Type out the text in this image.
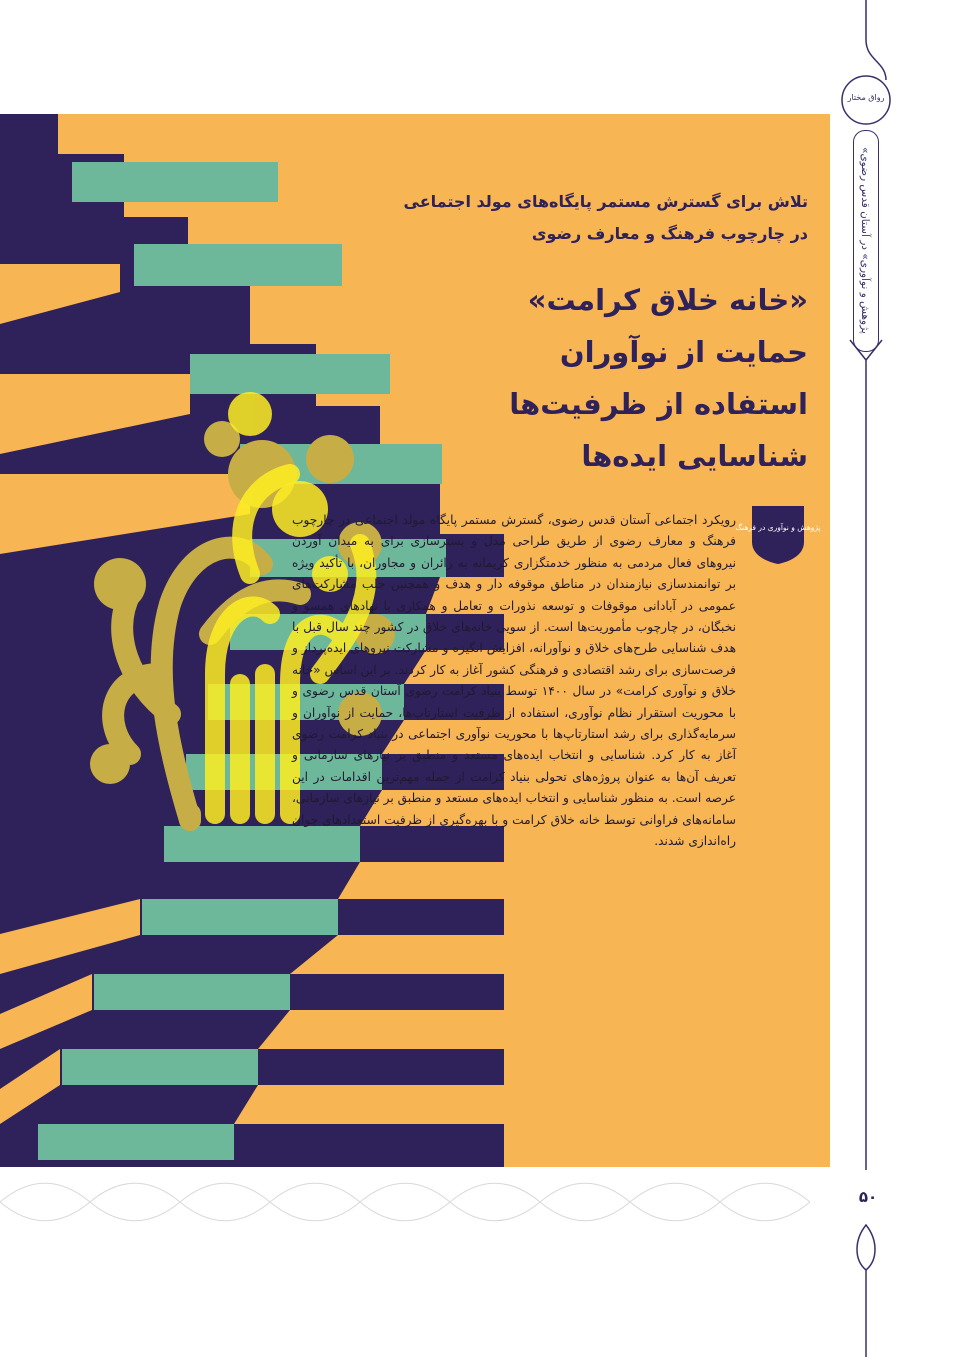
تلاش برای گسترش مستمر پایگاه‌های مولد اجتماعی
در چارچوب فرهنگ و معارف رضوی
«خانه خلاق کرامت»
حمایت از نوآوران
استفاده از ظرفیت‌ها
شناسایی ایده‌ها
پژوهش و نوآوری در فرهنگ
رویکرد اجتماعی آستان قدس رضوی، گسترش مستمر پایگاه مولد اجتماعی در چارچوب فرهنگ و معارف رضوی از طریق طراحی مدل و بسترسازی برای به میدان آوردن نیروهای فعال مردمی به منظور خدمتگزاری کریمانه به زائران و مجاوران، با تأکید ویژه بر توانمندسازی نیازمندان در مناطق موقوفه دار و هدف و همچنین جلب مشارکت‌های عمومی در آبادانی موقوفات و توسعه نذورات و تعامل و همکاری با نهادهای همسو و نخبگان، در چارچوب مأموریت‌ها است. از سویی خانه‌های خلاق در کشور چند سال قبل با هدف شناسایی طرح‌های خلاق و نوآورانه، افزایش انگیزه و مشارکت نیروهای ایده‌پرداز و فرصت‌سازی برای رشد اقتصادی و فرهنگی کشور آغاز به کار کردند. بر این اساس «خانه خلاق و نوآوری کرامت» در سال ۱۴۰۰ توسط بنیاد کرامت رضوی آستان قدس رضوی و با محوریت استقرار نظام نوآوری، استفاده از ظرفیت استارتاپ‌ها، حمایت از نوآوران و سرمایه‌گذاری برای رشد استارتاپ‌ها با محوریت نوآوری اجتماعی در بنیاد کرامت رضوی آغاز به کار کرد. شناسایی و انتخاب ایده‌های مستعد و منطبق بر نیازهای سازمانی و تعریف آن‌ها به عنوان پروژه‌های تحولی بنیاد کرامت از جمله مهم‌ترین اقدامات در این عرصه است. به منظور شناسایی و انتخاب ایده‌های مستعد و منطبق بر نیازهای سازمانی، سامانه‌های فراوانی توسط خانه خلاق کرامت و با بهره‌گیری از ظرفیت استعدادهای جوان راه‌اندازی شدند.
رواق مختار
«پژوهش و نوآوری» در آستان قدس رضوی
۵۰
